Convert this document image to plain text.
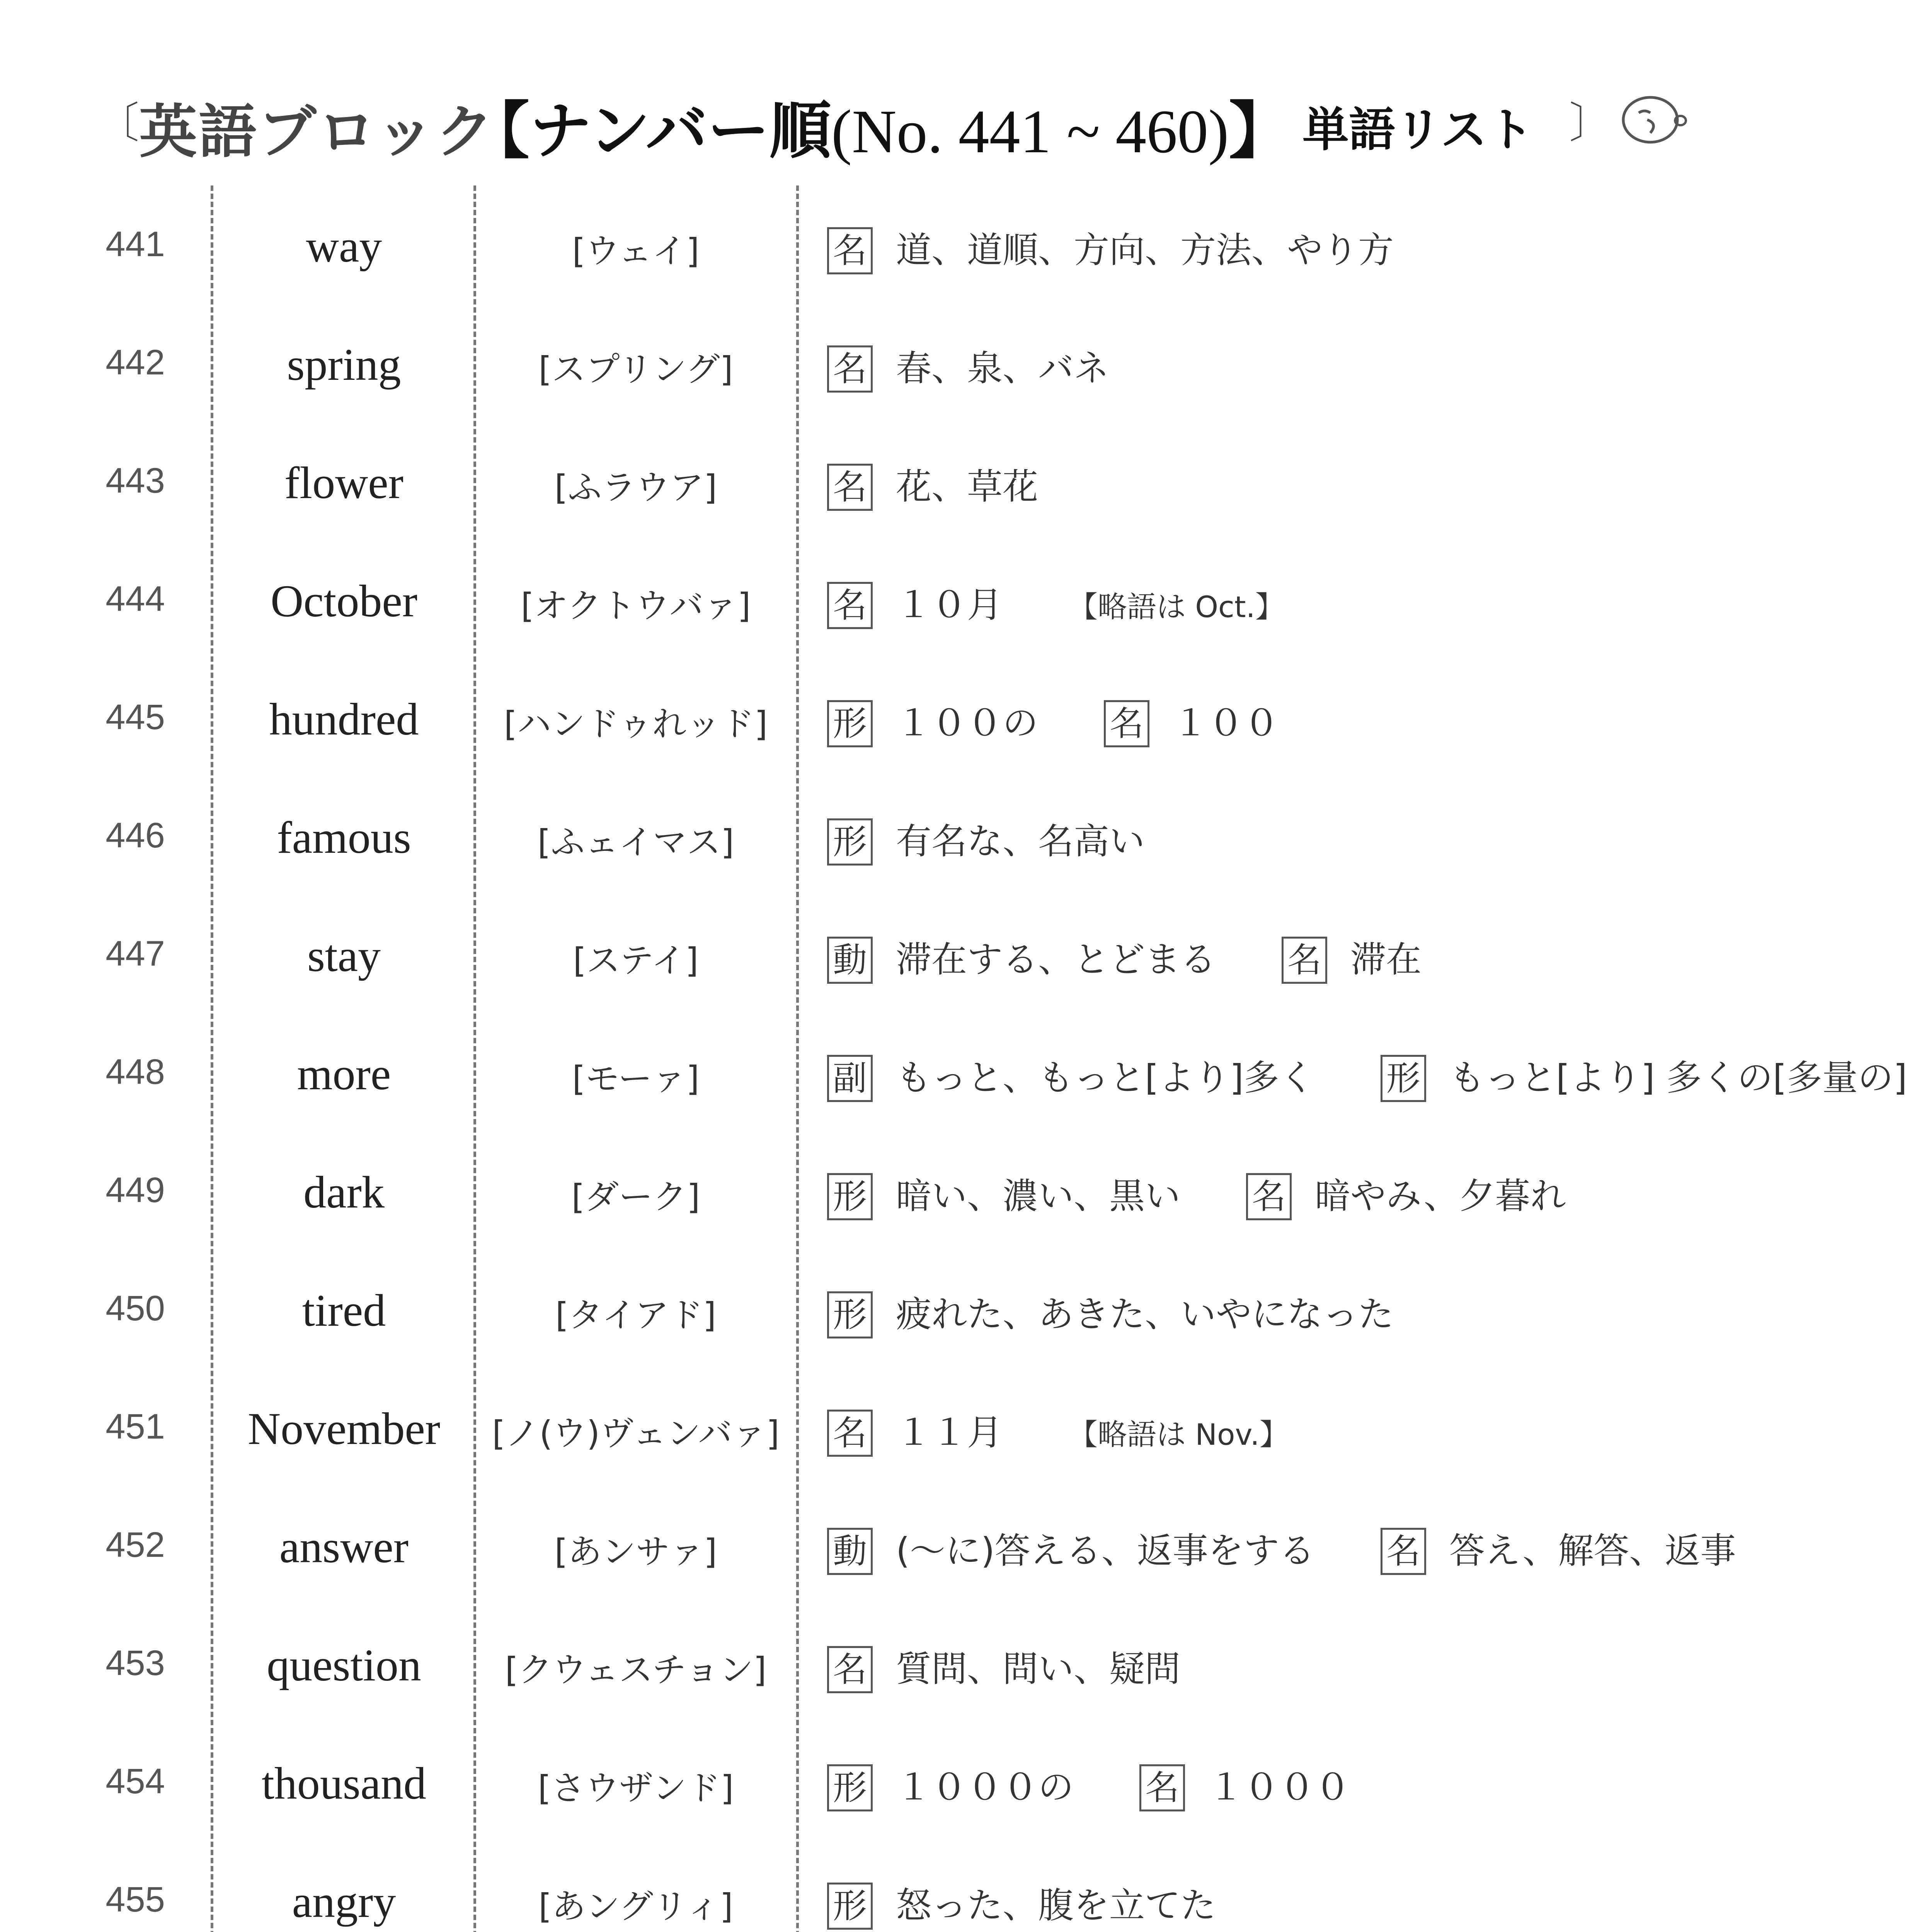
〔 英語ブロック
【ナンバー順(No. 441 ~ 460)】 単語リスト 〕
441	way	[ウェイ]	名 道、道順、方向、方法、やり方
442	spring	[スプリング]	名 春、泉、バネ
443	flower	[ふラウア]	名 花、草花
444	October	[オクトウバァ]	名 １０月 【略語は Oct.】
445	hundred	[ハンドゥれッド]	形 １００の 名 １００
446	famous	[ふェイマス]	形 有名な、名高い
447	stay	[ステイ]	動 滞在する、とどまる 名 滞在
448	more	[モーァ]	副 もっと、もっと[より]多く 形 もっと[より] 多くの[多量の]
449	dark	[ダーク]	形 暗い、濃い、黒い 名 暗やみ、夕暮れ
450	tired	[タイアド]	形 疲れた、あきた、いやになった
451	November	[ノ(ウ)ヴェンバァ]	名 １１月 【略語は Nov.】
452	answer	[あンサァ]	動 (～に)答える、返事をする 名 答え、解答、返事
453	question	[クウェスチョン]	名 質問、問い、疑問
454	thousand	[さウザンド]	形 １０００の 名 １０００
455	angry	[あングリィ]	形 怒った、腹を立てた
